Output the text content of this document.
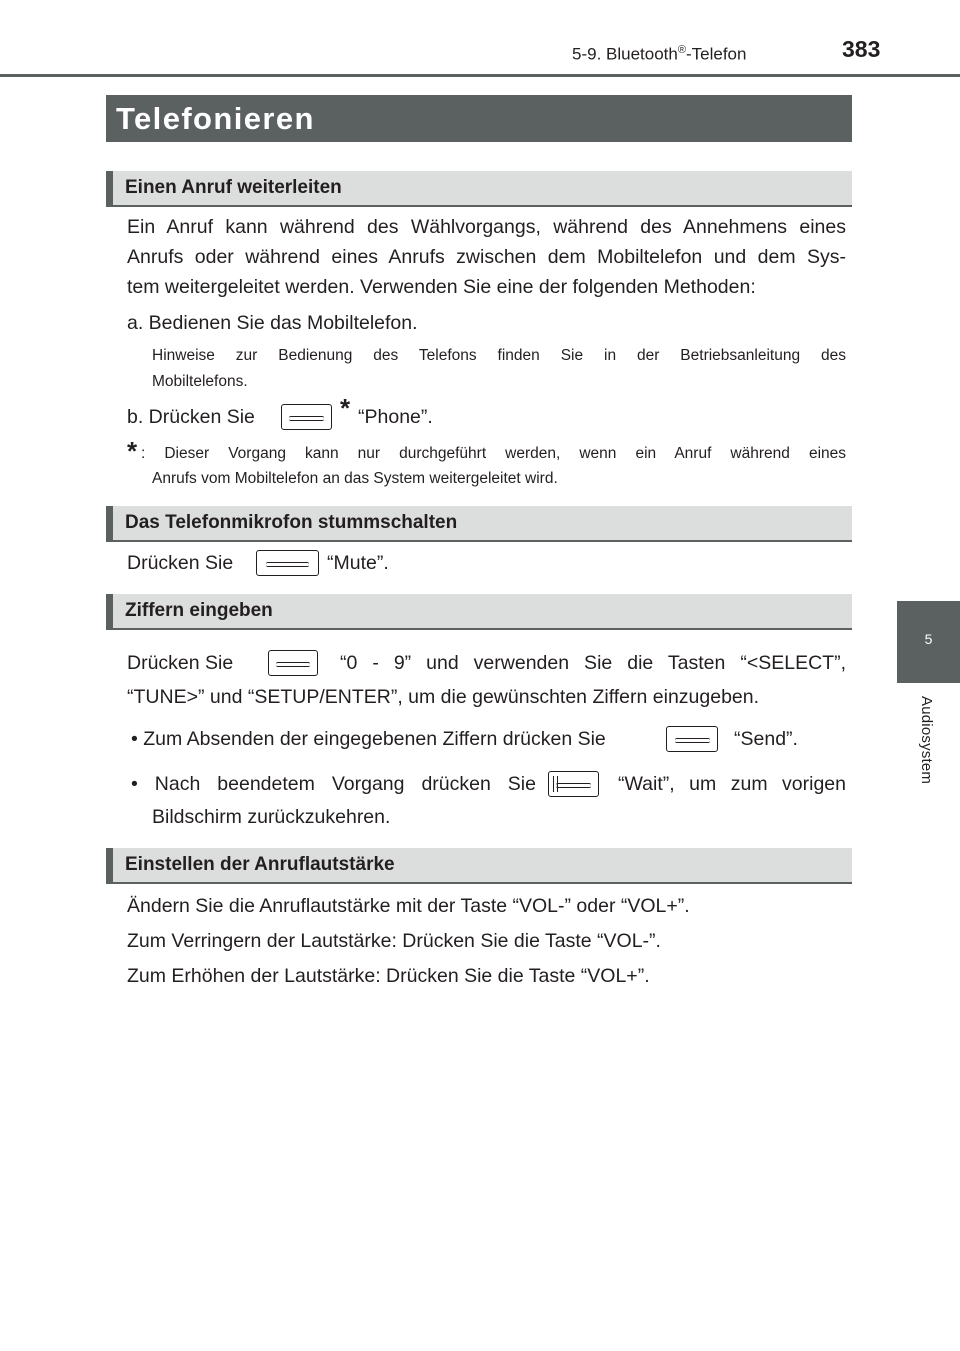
5-9. Bluetooth®-Telefon	383
5
Audiosystem
Telefonieren
Einen Anruf weiterleiten
Ein Anruf kann während des Wählvorgangs, während des Annehmens eines
Anrufs oder während eines Anrufs zwischen dem Mobiltelefon und dem Sys-
tem weitergeleitet werden. Verwenden Sie eine der folgenden Methoden:
a. Bedienen Sie das Mobiltelefon.
Hinweise zur Bedienung des Telefons finden Sie in der Betriebsanleitung des
Mobiltelefons.
b. Drücken Sie	* “Phone”.
* : Dieser Vorgang kann nur durchgeführt werden, wenn ein Anruf während eines
Anrufs vom Mobiltelefon an das System weitergeleitet wird.
Das Telefonmikrofon stummschalten
Drücken Sie	“Mute”.
Ziffern eingeben
Drücken Sie	“0 - 9” und verwenden Sie die Tasten “<SELECT”,
“TUNE>” und “SETUP/ENTER”, um die gewünschten Ziffern einzugeben.
• Zum Absenden der eingegebenen Ziffern drücken Sie	“Send”.
• Nach beendetem Vorgang drücken Sie	“Wait”, um zum vorigen
Bildschirm zurückzukehren.
Einstellen der Anruflautstärke
Ändern Sie die Anruflautstärke mit der Taste “VOL-” oder “VOL+”.
Zum Verringern der Lautstärke: Drücken Sie die Taste “VOL-”.
Zum Erhöhen der Lautstärke: Drücken Sie die Taste “VOL+”.
